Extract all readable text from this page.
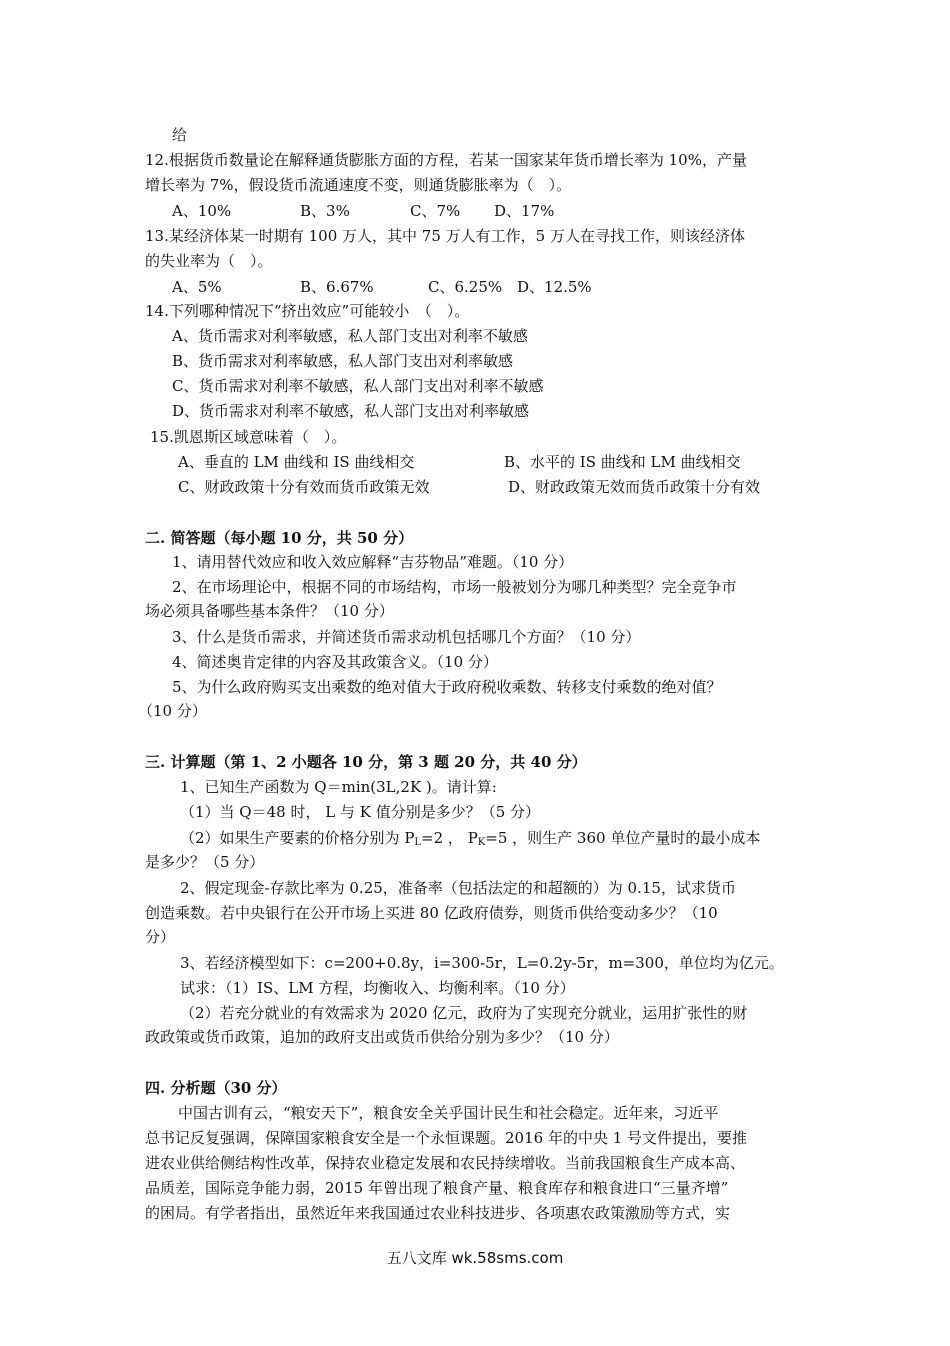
给
12.根据货币数量论在解释通货膨胀方面的方程，若某一国家某年货币增长率为 10%，产量
增长率为 7%，假设货币流通速度不变，则通货膨胀率为（　）。
A、10%	B、3%	C、7% D、17%
13.某经济体某一时期有 100 万人，其中 75 万人有工作，5 万人在寻找工作，则该经济体
的失业率为（　）。
A、5%	B、6.67%	C、6.25% D、12.5%
14.下列哪种情况下“挤出效应”可能较小　（　）。
A、货币需求对利率敏感，私人部门支出对利率不敏感
B、货币需求对利率敏感，私人部门支出对利率敏感
C、货币需求对利率不敏感，私人部门支出对利率不敏感
D、货币需求对利率不敏感，私人部门支出对利率敏感
15.凯恩斯区域意味着（　）。
A、垂直的 LM 曲线和 IS 曲线相交	B、水平的 IS 曲线和 LM 曲线相交
C、财政政策十分有效而货币政策无效	D、财政政策无效而货币政策十分有效
二. 简答题（每小题 10 分，共 50 分）
1、请用替代效应和收入效应解释“吉芬物品”难题。（10 分）
2、在市场理论中，根据不同的市场结构，市场一般被划分为哪几种类型？完全竞争市
场必须具备哪些基本条件？（10 分）
3、什么是货币需求，并简述货币需求动机包括哪几个方面？（10 分）
4、简述奥肯定律的内容及其政策含义。（10 分）
5、为什么政府购买支出乘数的绝对值大于政府税收乘数、转移支付乘数的绝对值？
（10 分）
三. 计算题（第 1、2 小题各 10 分，第 3 题 20 分，共 40 分）
1、已知生产函数为 Q＝min(3L,2K )。请计算:
（1）当 Q＝48 时， L 与 K 值分别是多少？（5 分）
（2）如果生产要素的价格分别为 $P_L=2$ ， $P_K=5$ ，则生产 360 单位产量时的最小成本
是多少？（5 分）
2、假定现金-存款比率为 0.25，准备率（包括法定的和超额的）为 0.15，试求货币
创造乘数。若中央银行在公开市场上买进 80 亿政府债券，则货币供给变动多少？（10
分）
3、若经济模型如下：c=200+0.8y，i=300-5r，L=0.2y-5r，m=300，单位均为亿元。
试求：（1）IS、LM 方程，均衡收入、均衡利率。（10 分）
（2）若充分就业的有效需求为 2020 亿元，政府为了实现充分就业，运用扩张性的财
政政策或货币政策，追加的政府支出或货币供给分别为多少？（10 分）
四. 分析题（30 分）
中国古训有云，“粮安天下”，粮食安全关乎国计民生和社会稳定。近年来，习近平
总书记反复强调，保障国家粮食安全是一个永恒课题。2016 年的中央 1 号文件提出，要推
进农业供给侧结构性改革，保持农业稳定发展和农民持续增收。当前我国粮食生产成本高、
品质差，国际竞争能力弱，2015 年曾出现了粮食产量、粮食库存和粮食进口“三量齐增”
的困局。有学者指出，虽然近年来我国通过农业科技进步、各项惠农政策激励等方式，实
五八文库 wk.58sms.com
